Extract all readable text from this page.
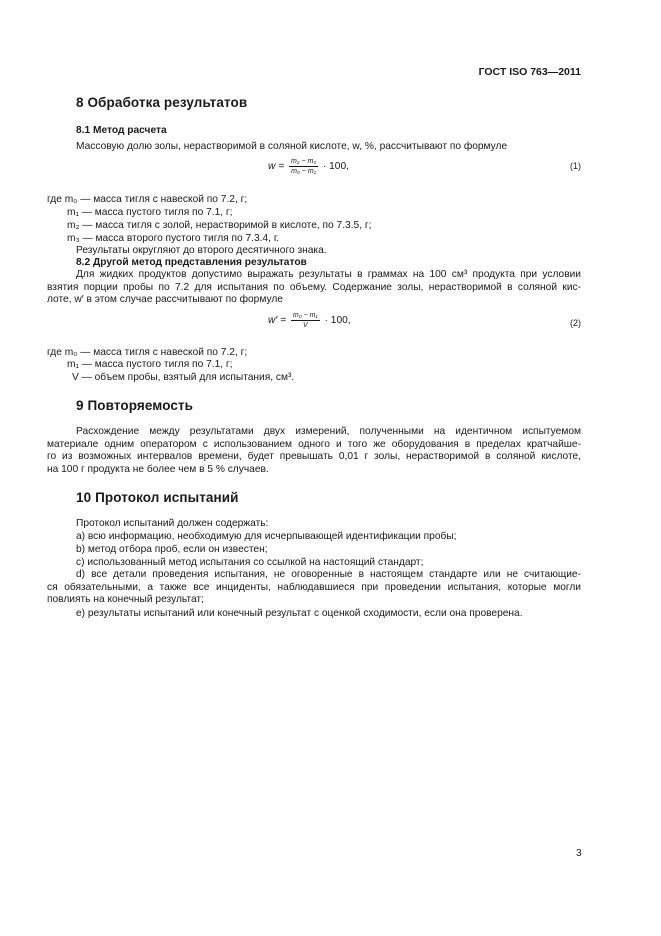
ГОСТ ISO 763—2011
8 Обработка результатов
8.1 Метод расчета
Массовую долю золы, нерастворимой в соляной кислоте, w, %, рассчитывают по формуле
$w = \frac{\text{m₂ − m₃}}{\text{m₀ − m₁}} \cdot 100$,	(1)
где m₀ — масса тигля с навеской по 7.2, г;
m₁ — масса пустого тигля по 7.1, г;
m₂ — масса тигля с золой, нерастворимой в кислоте, по 7.3.5, г;
m₃ — масса второго пустого тигля по 7.3.4, г.
Результаты округляют до второго десятичного знака.
8.2 Другой метод представления результатов
Для жидких продуктов допустимо выражать результаты в граммах на 100 см³ продукта при условии
взятия порции пробы по 7.2 для испытания по объему. Содержание золы, нерастворимой в соляной кис-
лоте, w′ в этом случае рассчитывают по формуле
$w' = \frac{\text{m₀ − m₁}}{V} \cdot 100$,	(2)
где m₀ — масса тигля с навеской по 7.2, г;
m₁ — масса пустого тигля по 7.1, г;
V — объем пробы, взятый для испытания, см³.
9 Повторяемость
Расхождение между результатами двух измерений, полученными на идентичном испытуемом
материале одним оператором с использованием одного и того же оборудования в пределах кратчайше-
го из возможных интервалов времени, будет превышать 0,01 г золы, нерастворимой в соляной кислоте,
на 100 г продукта не более чем в 5 % случаев.
10 Протокол испытаний
Протокол испытаний должен содержать:
a) всю информацию, необходимую для исчерпывающей идентификации пробы;
b) метод отбора проб, если он известен;
c) использованный метод испытания со ссылкой на настоящий стандарт;
d) все детали проведения испытания, не оговоренные в настоящем стандарте или не считающие-
ся обязательными, а также все инциденты, наблюдавшиеся при проведении испытания, которые могли
повлиять на конечный результат;
e) результаты испытаний или конечный результат с оценкой сходимости, если она проверена.
3
